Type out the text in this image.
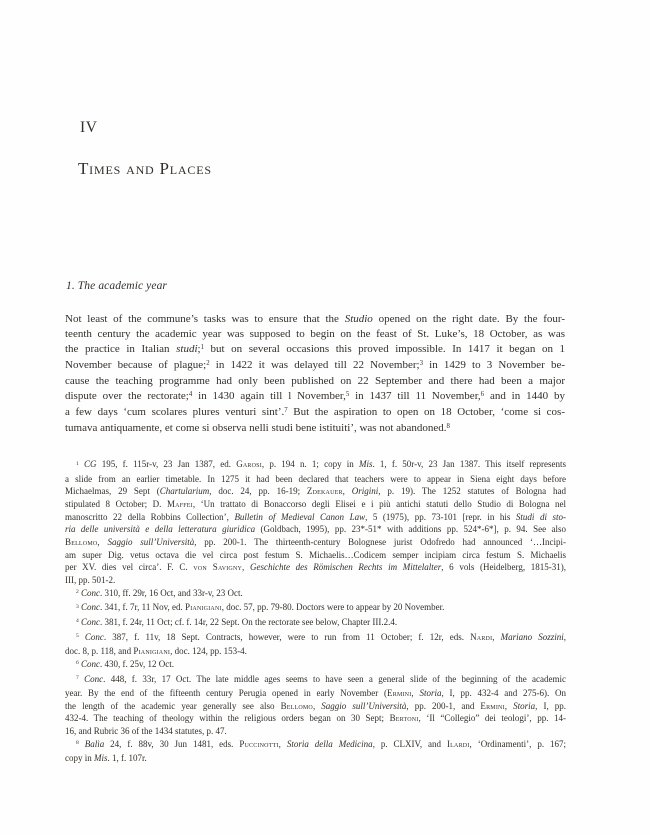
IV
Times and Places
1. The academic year
Not least of the commune’s tasks was to ensure that the Studio opened on the right date. By the four-
teenth century the academic year was supposed to begin on the feast of St. Luke’s, 18 October, as was
the practice in Italian studi;$^1$ but on several occasions this proved impossible. In 1417 it began on 1
November because of plague;$^2$ in 1422 it was delayed till 22 November;$^3$ in 1429 to 3 November be-
cause the teaching programme had only been published on 22 September and there had been a major
dispute over the rectorate;$^4$ in 1430 again till l November,$^5$ in 1437 till 11 November,$^6$ and in 1440 by
a few days ‘cum scolares plures venturi sint’.$^7$ But the aspiration to open on 18 October, ‘come si cos-
tumava antiquamente, et come si observa nelli studi bene istituiti’, was not abandoned.$^8$
$^1$ CG 195, f. 115r-v, 23 Jan 1387, ed. Garosi, p. 194 n. 1; copy in Mis. 1, f. 50r-v, 23 Jan 1387. This itself represents
a slide from an earlier timetable. In 1275 it had been declared that teachers were to appear in Siena eight days before
Michaelmas, 29 Sept (Chartularium, doc. 24, pp. 16-19; Zdekauer, Origini, p. 19). The 1252 statutes of Bologna had
stipulated 8 October; D. Maffei, ‘Un trattato di Bonaccorso degli Elisei e i più antichi statuti dello Studio di Bologna nel
manoscritto 22 della Robbins Collection’, Bulletin of Medieval Canon Law, 5 (1975), pp. 73-101 [repr. in his Studi di sto-
ria delle università e della letteratura giuridica (Goldbach, 1995), pp. 23*-51* with additions pp. 524*-6*], p. 94. See also
Bellomo, Saggio sull’Università, pp. 200-1. The thirteenth-century Bolognese jurist Odofredo had announced ‘…Incipi-
am super Dig. vetus octava die vel circa post festum S. Michaelis…Codicem semper incipiam circa festum S. Michaelis
per XV. dies vel circa’. F. C. von Savigny, Geschichte des Römischen Rechts im Mittelalter, 6 vols (Heidelberg, 1815-31),
III, pp. 501-2.
$^2$ Conc. 310, ff. 29r, 16 Oct, and 33r-v, 23 Oct.
$^3$ Conc. 341, f. 7r, 11 Nov, ed. Pianigiani, doc. 57, pp. 79-80. Doctors were to appear by 20 November.
$^4$ Conc. 381, f. 24r, 11 Oct; cf. f. 14r, 22 Sept. On the rectorate see below, Chapter III.2.4.
$^5$ Conc. 387, f. 11v, 18 Sept. Contracts, however, were to run from 11 October; f. 12r, eds. Nardi, Mariano Sozzini,
doc. 8, p. 118, and Pianigiani, doc. 124, pp. 153-4.
$^6$ Conc. 430, f. 25v, 12 Oct.
$^7$ Conc. 448, f. 33r, 17 Oct. The late middle ages seems to have seen a general slide of the beginning of the academic
year. By the end of the fifteenth century Perugia opened in early November (Ermini, Storia, I, pp. 432-4 and 275-6). On
the length of the academic year generally see also Bellomo, Saggio sull’Università, pp. 200-1, and Ermini, Storia, I, pp.
432-4. The teaching of theology within the religious orders began on 30 Sept; Bertoni, ‘Il “Collegio” dei teologi’, pp. 14-
16, and Rubric 36 of the 1434 statutes, p. 47.
$^8$ Balìa 24, f. 88v, 30 Jun 1481, eds. Puccinotti, Storia della Medicina, p. CLXIV, and Ilardi, ‘Ordinamenti’, p. 167;
copy in Mis. 1, f. 107r.
